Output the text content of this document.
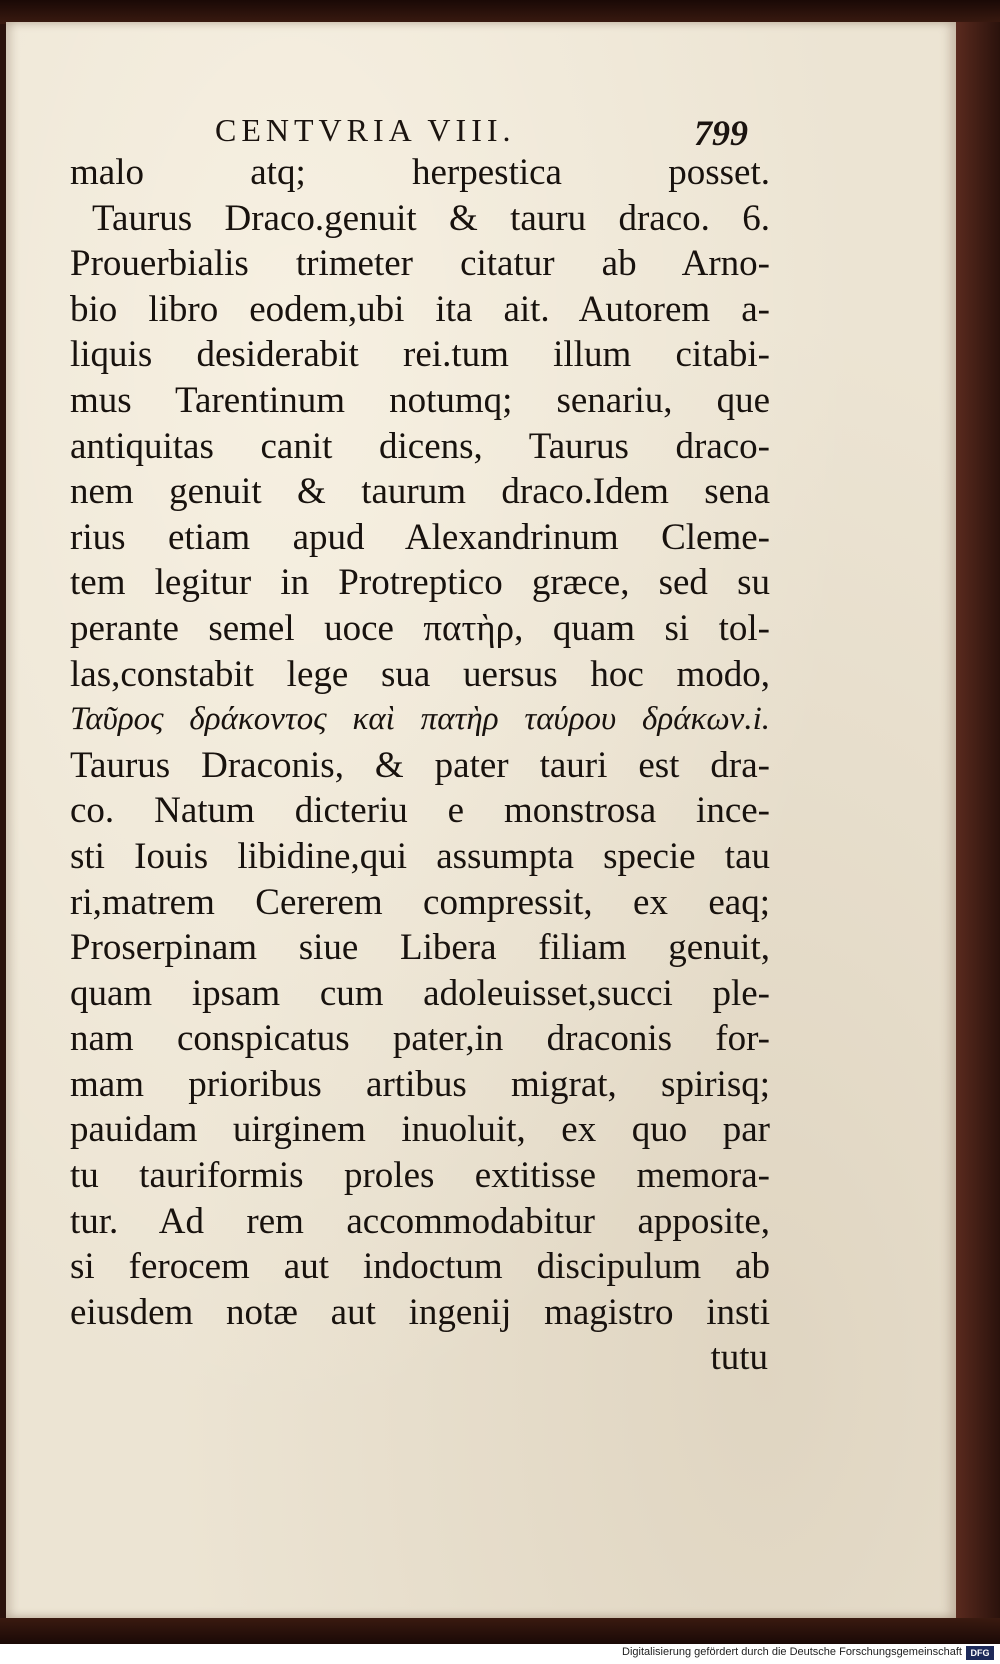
CENTVRIA VIII.	799
malo atq; herpestica posset.
Taurus Draco.genuit & tauru draco. 6.
Prouerbialis trimeter citatur ab Arno-
bio libro eodem,ubi ita ait. Autorem a-
liquis desiderabit rei.tum illum citabi-
mus Tarentinum notumq; senariu, que
antiquitas canit dicens, Taurus draco-
nem genuit & taurum draco.Idem sena
rius etiam apud Alexandrinum Cleme-
tem legitur in Protreptico græce, sed su
perante semel uoce πατὴρ, quam si tol-
las,constabit lege sua uersus hoc modo,
Ταῦρος δράκοντος καὶ πατὴρ ταύρου δράκων.i.
Taurus Draconis, & pater tauri est dra-
co. Natum dicteriu e monstrosa ince-
sti Iouis libidine,qui assumpta specie tau
ri,matrem Cererem compressit, ex eaq;
Proserpinam siue Libera filiam genuit,
quam ipsam cum adoleuisset,succi ple-
nam conspicatus pater,in draconis for-
mam prioribus artibus migrat, spirisq;
pauidam uirginem inuoluit, ex quo par
tu tauriformis proles extitisse memora-
tur. Ad rem accommodabitur apposite,
si ferocem aut indoctum discipulum ab
eiusdem notæ aut ingenij magistro insti
tutu
Digitalisierung gefördert durch die Deutsche Forschungsgemeinschaft DFG
